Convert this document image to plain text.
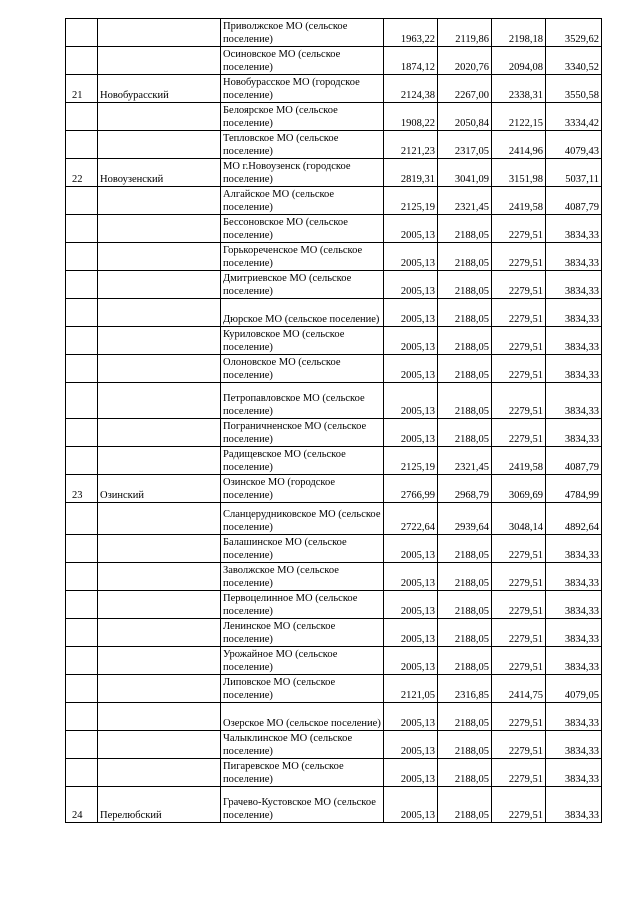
		Приволжское МО (сельское поселение)	1963,22	2119,86	2198,18	3529,62
		Осиновское МО (сельское поселение)	1874,12	2020,76	2094,08	3340,52
21	Новобурасский	Новобурасское МО (городское поселение)	2124,38	2267,00	2338,31	3550,58
		Белоярское МО (сельское поселение)	1908,22	2050,84	2122,15	3334,42
		Тепловское МО (сельское поселение)	2121,23	2317,05	2414,96	4079,43
22	Новоузенский	МО г.Новоузенск (городское поселение)	2819,31	3041,09	3151,98	5037,11
		Алгайское МО (сельское поселение)	2125,19	2321,45	2419,58	4087,79
		Бессоновское МО (сельское поселение)	2005,13	2188,05	2279,51	3834,33
		Горькореченское МО (сельское поселение)	2005,13	2188,05	2279,51	3834,33
		Дмитриевское МО (сельское поселение)	2005,13	2188,05	2279,51	3834,33
		Дюрское МО (сельское поселение)	2005,13	2188,05	2279,51	3834,33
		Куриловское МО (сельское поселение)	2005,13	2188,05	2279,51	3834,33
		Олоновское МО (сельское поселение)	2005,13	2188,05	2279,51	3834,33
		Петропавловское МО (сельское поселение)	2005,13	2188,05	2279,51	3834,33
		Пограничненское МО (сельское поселение)	2005,13	2188,05	2279,51	3834,33
		Радищевское МО (сельское поселение)	2125,19	2321,45	2419,58	4087,79
23	Озинский	Озинское МО (городское поселение)	2766,99	2968,79	3069,69	4784,99
		Сланцерудниковское МО (сельское поселение)	2722,64	2939,64	3048,14	4892,64
		Балашинское МО (сельское поселение)	2005,13	2188,05	2279,51	3834,33
		Заволжское МО (сельское поселение)	2005,13	2188,05	2279,51	3834,33
		Первоцелинное МО (сельское поселение)	2005,13	2188,05	2279,51	3834,33
		Ленинское МО (сельское поселение)	2005,13	2188,05	2279,51	3834,33
		Урожайное МО (сельское поселение)	2005,13	2188,05	2279,51	3834,33
		Липовское МО (сельское поселение)	2121,05	2316,85	2414,75	4079,05
		Озерское МО (сельское поселение)	2005,13	2188,05	2279,51	3834,33
		Чалыклинское МО (сельское поселение)	2005,13	2188,05	2279,51	3834,33
		Пигаревское МО (сельское поселение)	2005,13	2188,05	2279,51	3834,33
24	Перелюбский	Грачево-Кустовское МО (сельское поселение)	2005,13	2188,05	2279,51	3834,33
